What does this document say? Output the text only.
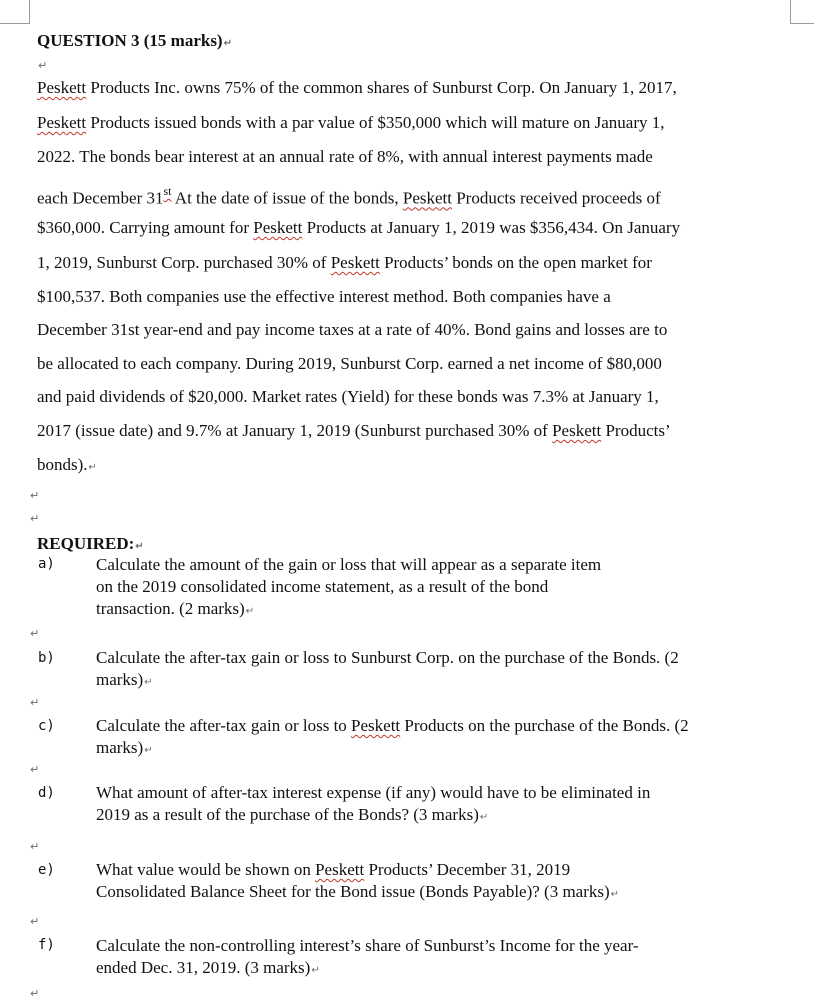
QUESTION 3 (15 marks)↵
↵
Peskett Products Inc. owns 75% of the common shares of Sunburst Corp. On January 1, 2017,
Peskett Products issued bonds with a par value of $350,000 which will mature on January 1,
2022. The bonds bear interest at an annual rate of 8%, with annual interest payments made
each December 31st At the date of issue of the bonds, Peskett Products received proceeds of
$360,000. Carrying amount for Peskett Products at January 1, 2019 was $356,434. On January
1, 2019, Sunburst Corp. purchased 30% of Peskett Products’ bonds on the open market for
$100,537. Both companies use the effective interest method. Both companies have a
December 31st year-end and pay income taxes at a rate of 40%. Bond gains and losses are to
be allocated to each company. During 2019, Sunburst Corp. earned a net income of $80,000
and paid dividends of $20,000. Market rates (Yield) for these bonds was 7.3% at January 1,
2017 (issue date) and 9.7% at January 1, 2019 (Sunburst purchased 30% of Peskett Products’
bonds).↵
↵
↵
REQUIRED:↵
a) Calculate the amount of the gain or loss that will appear as a separate item
on the 2019 consolidated income statement, as a result of the bond
transaction. (2 marks)↵
↵
b) Calculate the after-tax gain or loss to Sunburst Corp. on the purchase of the Bonds. (2
marks)↵
↵
c) Calculate the after-tax gain or loss to Peskett Products on the purchase of the Bonds. (2
marks)↵
↵
d) What amount of after-tax interest expense (if any) would have to be eliminated in
2019 as a result of the purchase of the Bonds? (3 marks)↵
↵
e) What value would be shown on Peskett Products’ December 31, 2019
Consolidated Balance Sheet for the Bond issue (Bonds Payable)? (3 marks)↵
↵
f) Calculate the non-controlling interest’s share of Sunburst’s Income for the year-
ended Dec. 31, 2019. (3 marks)↵
↵
